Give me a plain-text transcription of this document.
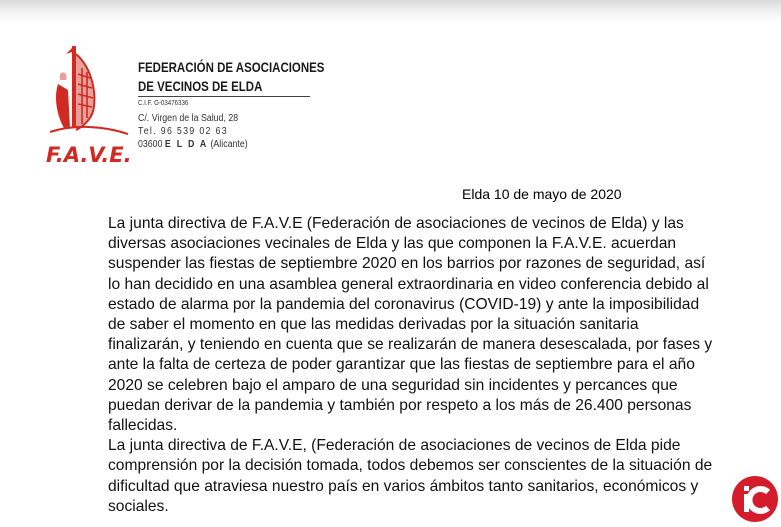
F.A.V.E.
FEDERACIÓN DE ASOCIACIONES
DE VECINOS DE ELDA
C.I.F. G-03476336
C/. Virgen de la Salud, 28
Tel. 96 539 02 63
03600 E L D A (Alicante)
Elda 10 de mayo de 2020

La junta directiva de F.A.V.E (Federación de asociaciones de vecinos de Elda) y las diversas asociaciones vecinales de Elda y las que componen la F.A.V.E. acuerdan suspender las fiestas de septiembre 2020 en los barrios por razones de seguridad, así lo han decidido en una asamblea general extraordinaria en video conferencia debido al estado de alarma por la pandemia del coronavirus (COVID-19) y ante la imposibilidad de saber el momento en que las medidas derivadas por la situación sanitaria finalizarán, y teniendo en cuenta que se realizarán de manera desescalada, por fases y ante la falta de certeza de poder garantizar que las fiestas de septiembre para el año 2020 se celebren bajo el amparo de una seguridad sin incidentes y percances que puedan derivar de la pandemia y también por respeto a los más de 26.400 personas fallecidas.

La junta directiva de F.A.V.E, (Federación de asociaciones de vecinos de Elda pide comprensión por la decisión tomada, todos debemos ser conscientes de la situación de dificultad que atraviesa nuestro país en varios ámbitos tanto sanitarios, económicos y sociales.
